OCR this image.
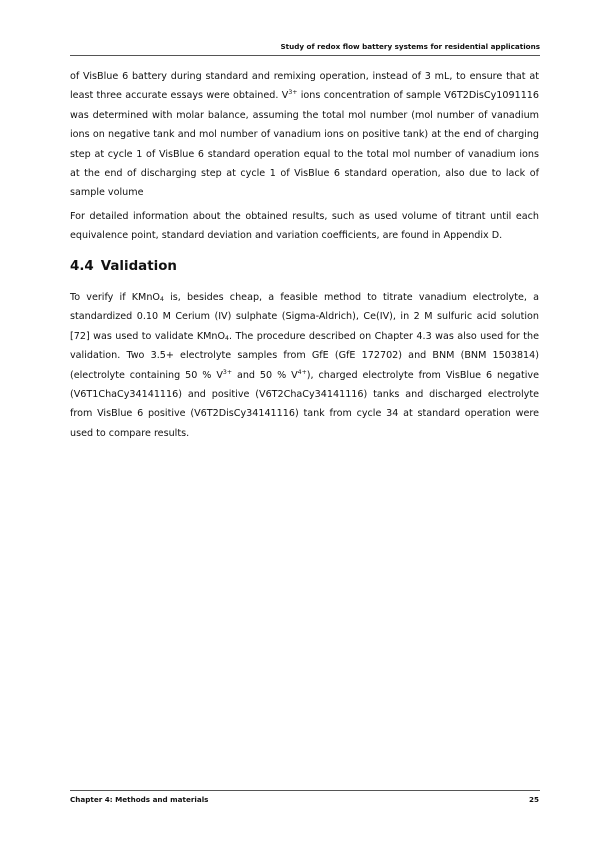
Study of redox flow battery systems for residential applications

of VisBlue 6 battery during standard and remixing operation, instead of 3 mL, to ensure that at least three accurate essays were obtained. $V^{3+}$ ions concentration of sample V6T2DisCy1091116 was determined with molar balance, assuming the total mol number (mol number of vanadium ions on negative tank and mol number of vanadium ions on positive tank) at the end of charging step at cycle 1 of VisBlue 6 standard operation equal to the total mol number of vanadium ions at the end of discharging step at cycle 1 of VisBlue 6 standard operation, also due to lack of sample volume

For detailed information about the obtained results, such as used volume of titrant until each equivalence point, standard deviation and variation coefficients, are found in Appendix D.

4.4 Validation

To verify if KMnO$_4$ is, besides cheap, a feasible method to titrate vanadium electrolyte, a standardized 0.10 M Cerium (IV) sulphate (Sigma-Aldrich), Ce(IV), in 2 M sulfuric acid solution [72] was used to validate KMnO$_4$. The procedure described on Chapter 4.3 was also used for the validation. Two 3.5+ electrolyte samples from GfE (GfE 172702) and BNM (BNM 1503814) (electrolyte containing 50 % $V^{3+}$ and 50 % $V^{4+}$), charged electrolyte from VisBlue 6 negative (V6T1ChaCy34141116) and positive (V6T2ChaCy34141116) tanks and discharged electrolyte from VisBlue 6 positive (V6T2DisCy34141116) tank from cycle 34 at standard operation were used to compare results.

Chapter 4: Methods and materials	25
